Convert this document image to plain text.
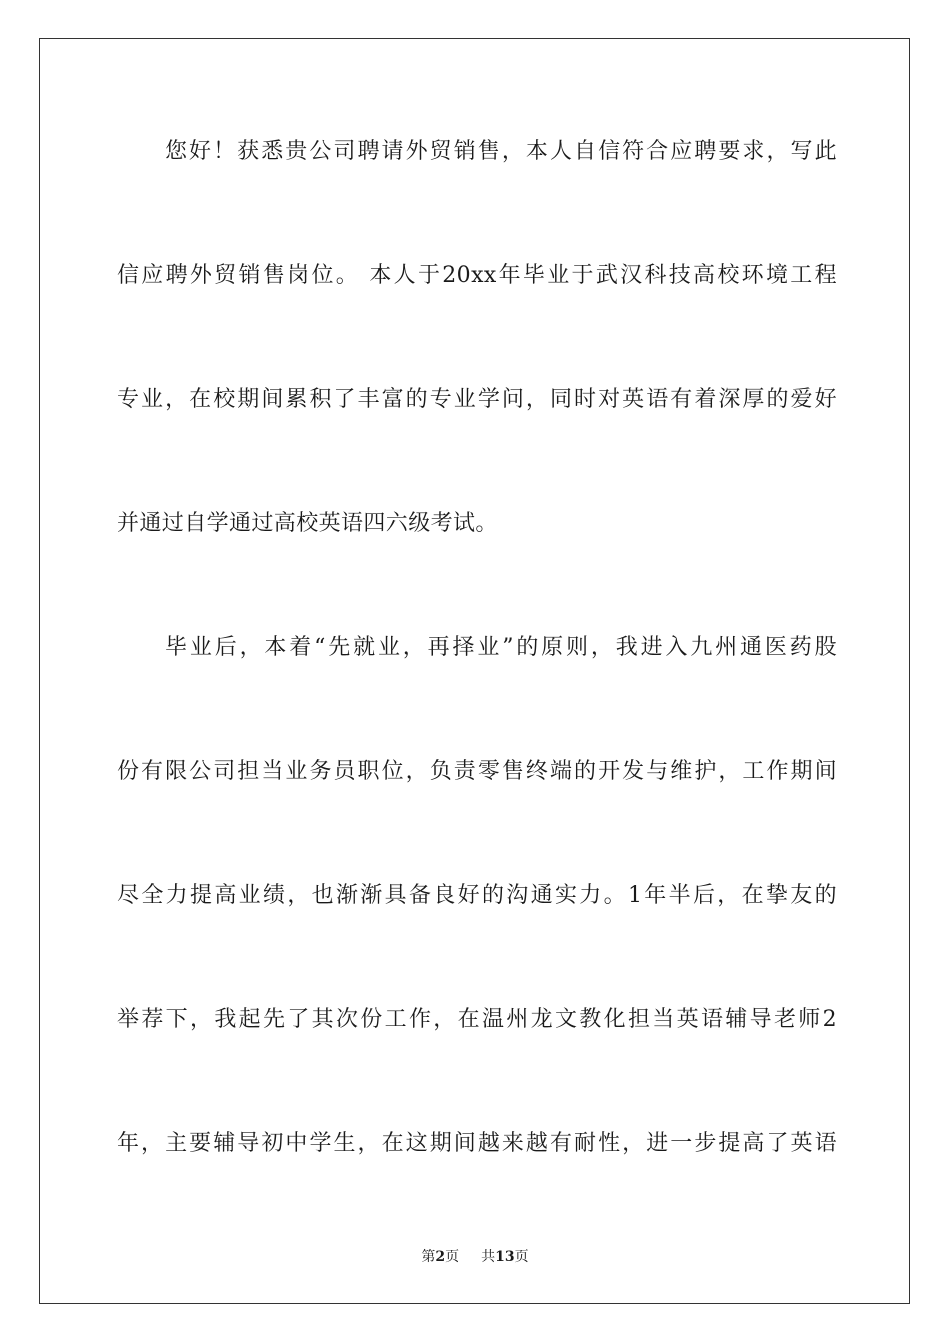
您好！获悉贵公司聘请外贸销售，本人自信符合应聘要求，写此
信应聘外贸销售岗位。 本人于20xx年毕业于武汉科技高校环境工程
专业，在校期间累积了丰富的专业学问，同时对英语有着深厚的爱好
并通过自学通过高校英语四六级考试。
毕业后，本着“先就业，再择业”的原则，我进入九州通医药股
份有限公司担当业务员职位，负责零售终端的开发与维护，工作期间
尽全力提高业绩，也渐渐具备良好的沟通实力。1年半后，在挚友的
举荐下，我起先了其次份工作，在温州龙文教化担当英语辅导老师2
年，主要辅导初中学生，在这期间越来越有耐性，进一步提高了英语
第2页 共13页
